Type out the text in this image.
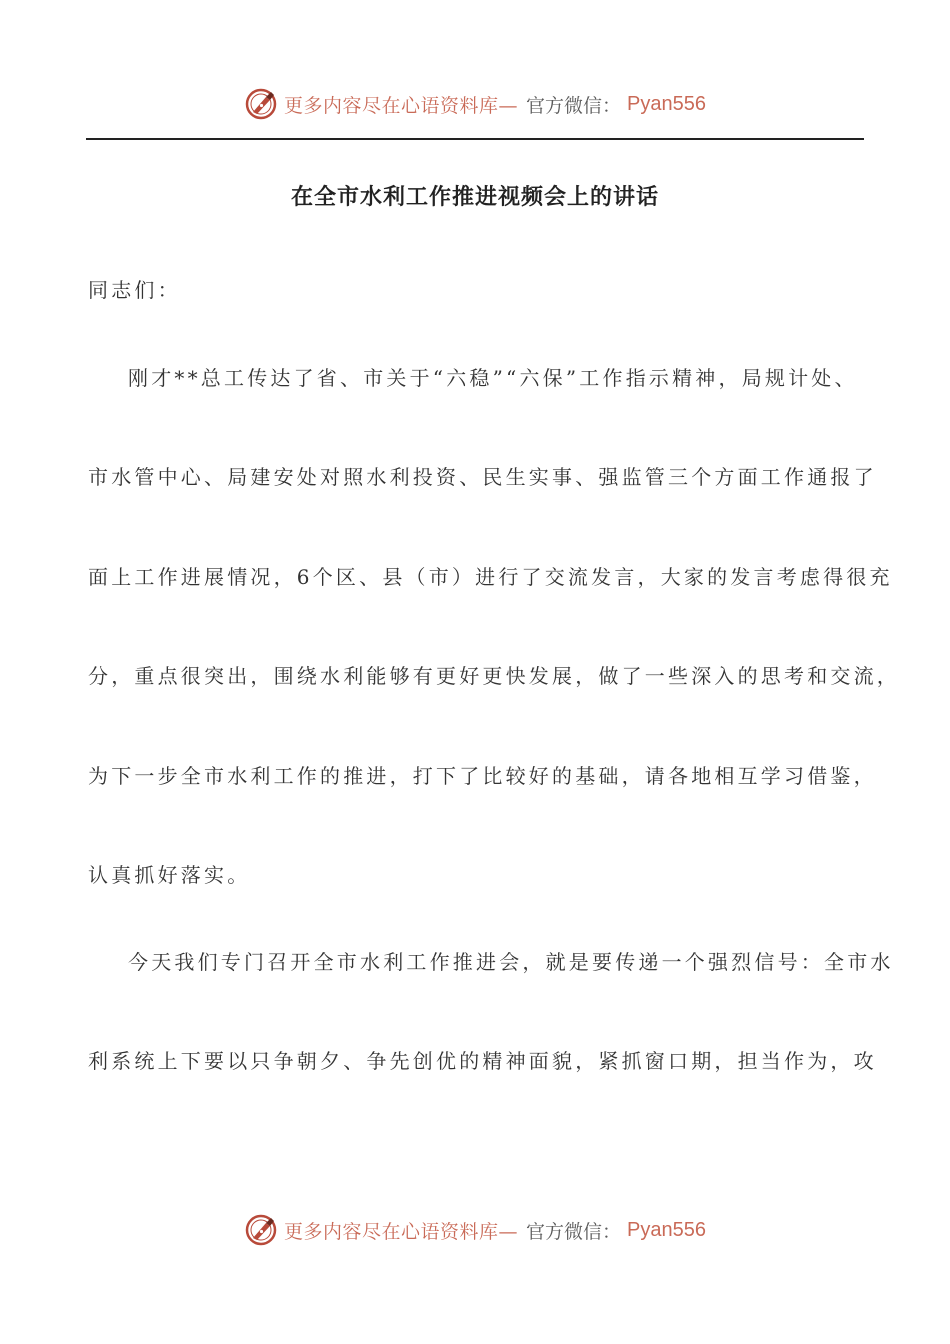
更多内容尽在心语资料库— 官方微信： Pyan556
在全市水利工作推进视频会上的讲话
同志们：
刚才**总工传达了省、市关于“六稳”“六保”工作指示精神，局规计处、
市水管中心、局建安处对照水利投资、民生实事、强监管三个方面工作通报了
面上工作进展情况，6个区、县（市）进行了交流发言，大家的发言考虑得很充
分，重点很突出，围绕水利能够有更好更快发展，做了一些深入的思考和交流，
为下一步全市水利工作的推进，打下了比较好的基础，请各地相互学习借鉴，
认真抓好落实。
今天我们专门召开全市水利工作推进会，就是要传递一个强烈信号：全市水
利系统上下要以只争朝夕、争先创优的精神面貌，紧抓窗口期，担当作为，攻
更多内容尽在心语资料库— 官方微信： Pyan556
